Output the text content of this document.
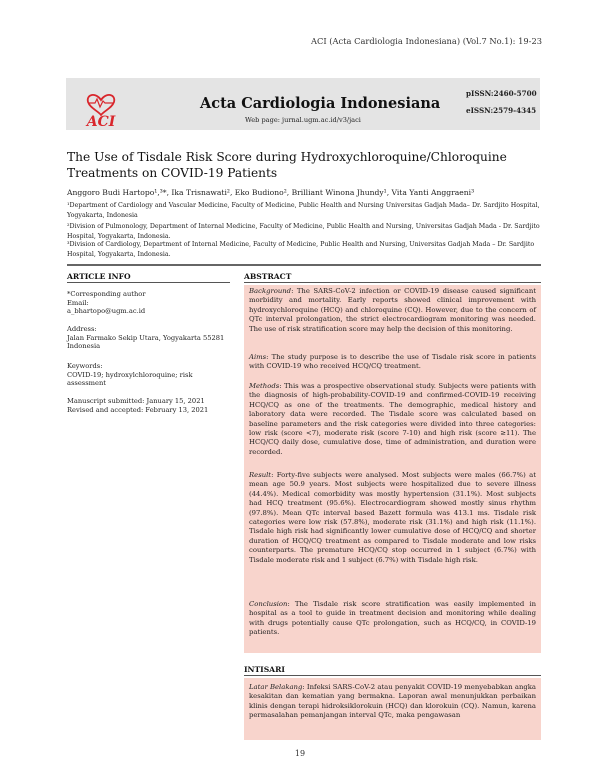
ACI (Acta Cardiologia Indonesiana) (Vol.7 No.1): 19-23
ACI
Acta Cardiologia Indonesiana
Web page: jurnal.ugm.ac.id/v3/jaci
pISSN:2460-5700
eISSN:2579-4345
The Use of Tisdale Risk Score during Hydroxychloroquine/Chloroquine
Treatments on COVID-19 Patients
Anggoro Budi Hartopo¹,³*, Ika Trisnawati², Eko Budiono², Brilliant Winona Jhundy¹, Vita Yanti Anggraeni³
¹Department of Cardiology and Vascular Medicine, Faculty of Medicine, Public Health and Nursing Universitas Gadjah Mada– Dr. Sardjito Hospital, Yogyakarta, Indonesia
²Division of Pulmonology, Department of Internal Medicine, Faculty of Medicine, Public Health and Nursing, Universitas Gadjah Mada - Dr. Sardjito Hospital, Yogyakarta, Indonesia.
³Division of Cardiology, Department of Internal Medicine, Faculty of Medicine, Public Health and Nursing, Universitas Gadjah Mada – Dr. Sardjito Hospital, Yogyakarta, Indonesia.
ARTICLE INFO
*Corresponding author
Email:
a_bhartopo@ugm.ac.id
Address:
Jalan Farmako Sekip Utara, Yogyakarta 55281 Indonesia
Keywords:
COVID-19; hydroxylchloroquine; risk assessment
Manuscript submitted: January 15, 2021
Revised and accepted: February 13, 2021
ABSTRACT
Background: The SARS-CoV-2 infection or COVID-19 disease caused significant morbidity and mortality. Early reports showed clinical improvement with hydroxychloroquine (HCQ) and chloroquine (CQ). However, due to the concern of QTc interval prolongation, the strict electrocardiogram monitoring was needed. The use of risk stratification score may help the decision of this monitoring.
Aims: The study purpose is to describe the use of Tisdale risk score in patients with COVID-19 who received HCQ/CQ treatment.
Methods: This was a prospective observational study. Subjects were patients with the diagnosis of high-probability-COVID-19 and confirmed-COVID-19 receiving HCQ/CQ as one of the treatments. The demographic, medical history and laboratory data were recorded. The Tisdale score was calculated based on baseline parameters and the risk categories were divided into three categories: low risk (score <7), moderate risk (score 7-10) and high risk (score ≥11). The HCQ/CQ daily dose, cumulative dose, time of administration, and duration were recorded.
Result: Forty-five subjects were analysed. Most subjects were males (66.7%) at mean age 50.9 years. Most subjects were hospitalized due to severe illness (44.4%). Medical comorbidity was mostly hypertension (31.1%). Most subjects had HCQ treatment (95.6%). Electrocardiogram showed mostly sinus rhythm (97.8%). Mean QTc interval based Bazett formula was 413.1 ms. Tisdale risk categories were low risk (57.8%), moderate risk (31.1%) and high risk (11.1%). Tisdale high risk had significantly lower cumulative dose of HCQ/CQ and shorter duration of HCQ/CQ treatment as compared to Tisdale moderate and low risks counterparts. The premature HCQ/CQ stop occurred in 1 subject (6.7%) with Tisdale moderate risk and 1 subject (6.7%) with Tisdale high risk.
Conclusion: The Tisdale risk score stratification was easily implemented in hospital as a tool to guide in treatment decision and monitoring while dealing with drugs potentially cause QTc prolongation, such as HCQ/CQ, in COVID-19 patients.
INTISARI
Latar Belakang: Infeksi SARS-CoV-2 atau penyakit COVID-19 menyebabkan angka kesakitan dan kematian yang bermakna. Laporan awal menunjukkan perbaikan klinis dengan terapi hidroksiklorokuin (HCQ) dan klorokuin (CQ). Namun, karena permasalahan pemanjangan interval QTc, maka pengawasan
19
